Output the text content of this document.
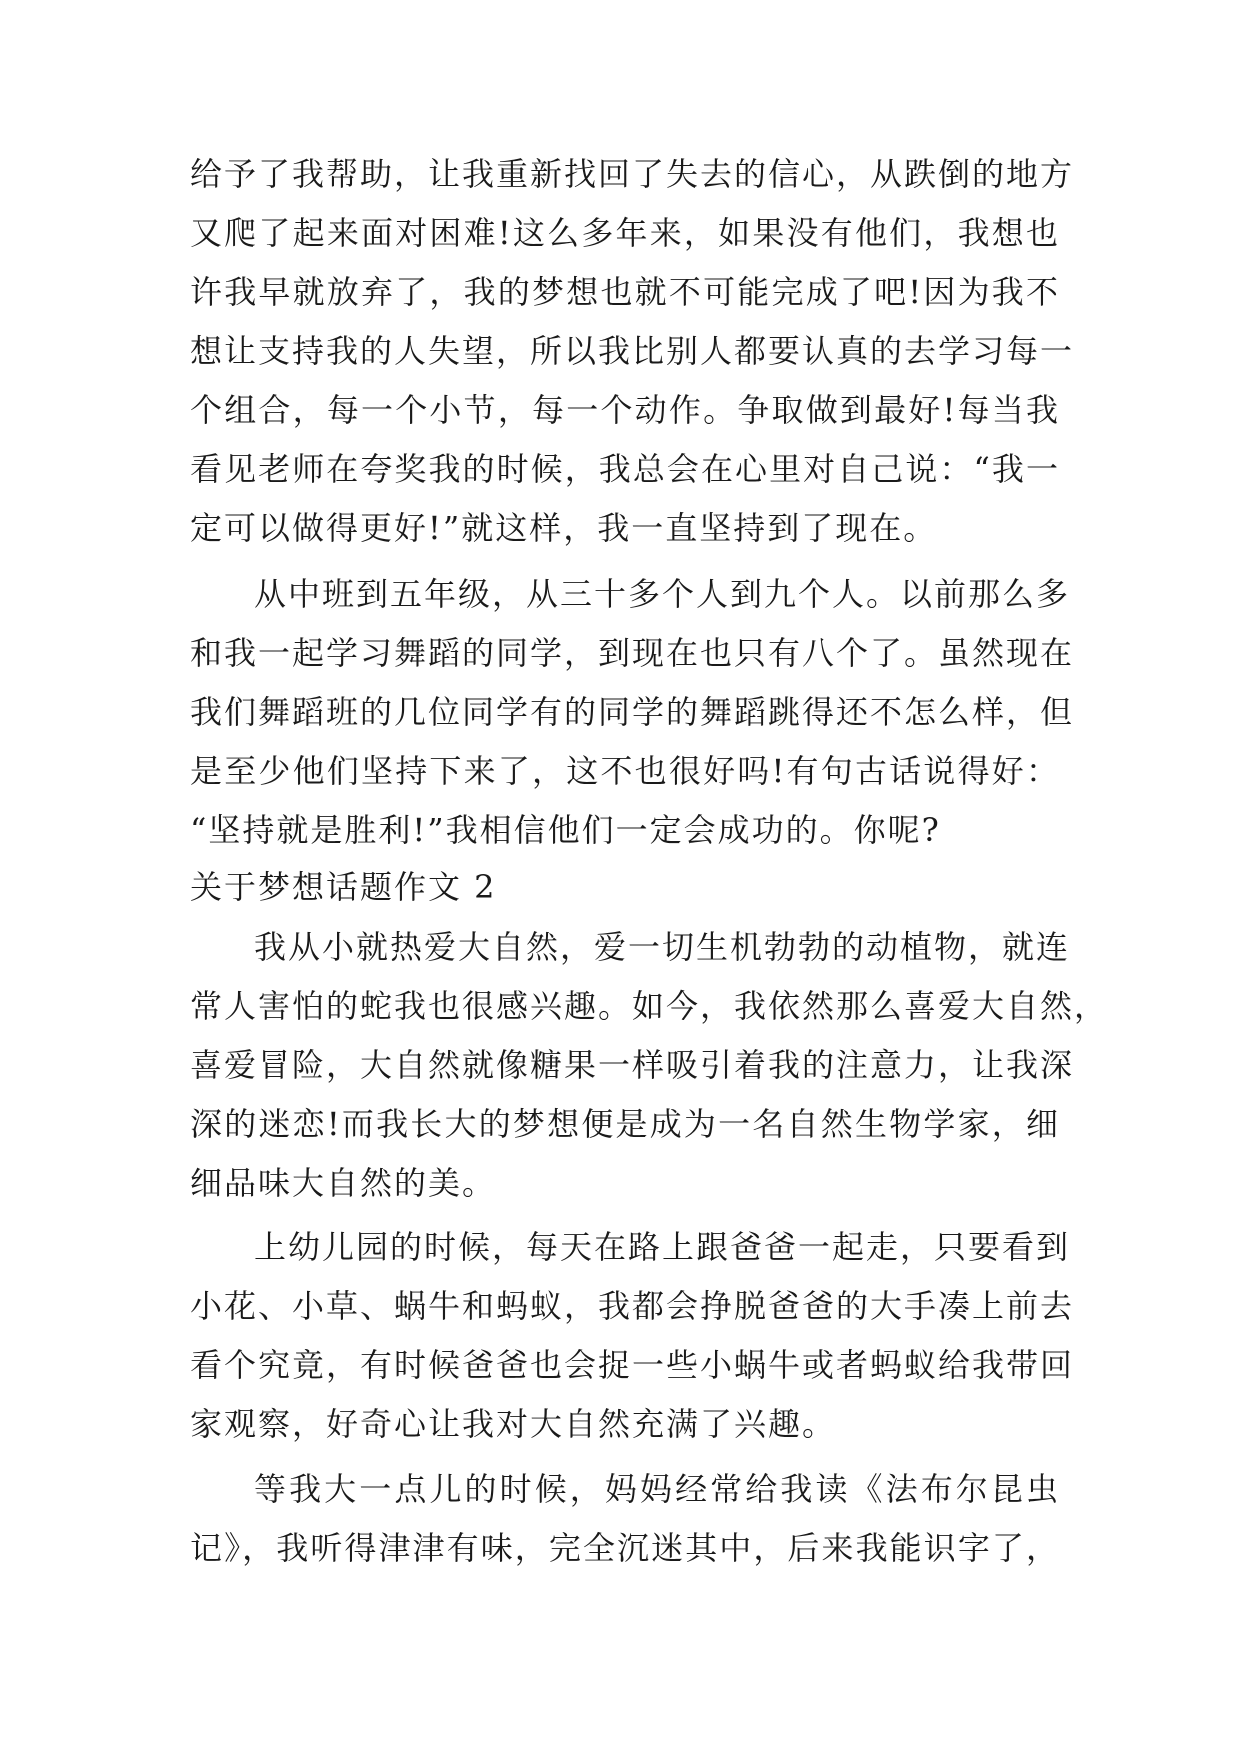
给予了我帮助，让我重新找回了失去的信心，从跌倒的地方
又爬了起来面对困难!这么多年来，如果没有他们，我想也
许我早就放弃了，我的梦想也就不可能完成了吧!因为我不
想让支持我的人失望，所以我比别人都要认真的去学习每一
个组合，每一个小节，每一个动作。争取做到最好!每当我
看见老师在夸奖我的时候，我总会在心里对自己说：“我一
定可以做得更好!”就这样，我一直坚持到了现在。
从中班到五年级，从三十多个人到九个人。以前那么多
和我一起学习舞蹈的同学，到现在也只有八个了。虽然现在
我们舞蹈班的几位同学有的同学的舞蹈跳得还不怎么样，但
是至少他们坚持下来了，这不也很好吗!有句古话说得好：
“坚持就是胜利!”我相信他们一定会成功的。你呢?
关于梦想话题作文 2
我从小就热爱大自然，爱一切生机勃勃的动植物，就连
常人害怕的蛇我也很感兴趣。如今，我依然那么喜爱大自然，
喜爱冒险，大自然就像糖果一样吸引着我的注意力，让我深
深的迷恋!而我长大的梦想便是成为一名自然生物学家，细
细品味大自然的美。
上幼儿园的时候，每天在路上跟爸爸一起走，只要看到
小花、小草、蜗牛和蚂蚁，我都会挣脱爸爸的大手凑上前去
看个究竟，有时候爸爸也会捉一些小蜗牛或者蚂蚁给我带回
家观察，好奇心让我对大自然充满了兴趣。
等我大一点儿的时候，妈妈经常给我读《法布尔昆虫
记》，我听得津津有味，完全沉迷其中，后来我能识字了，
